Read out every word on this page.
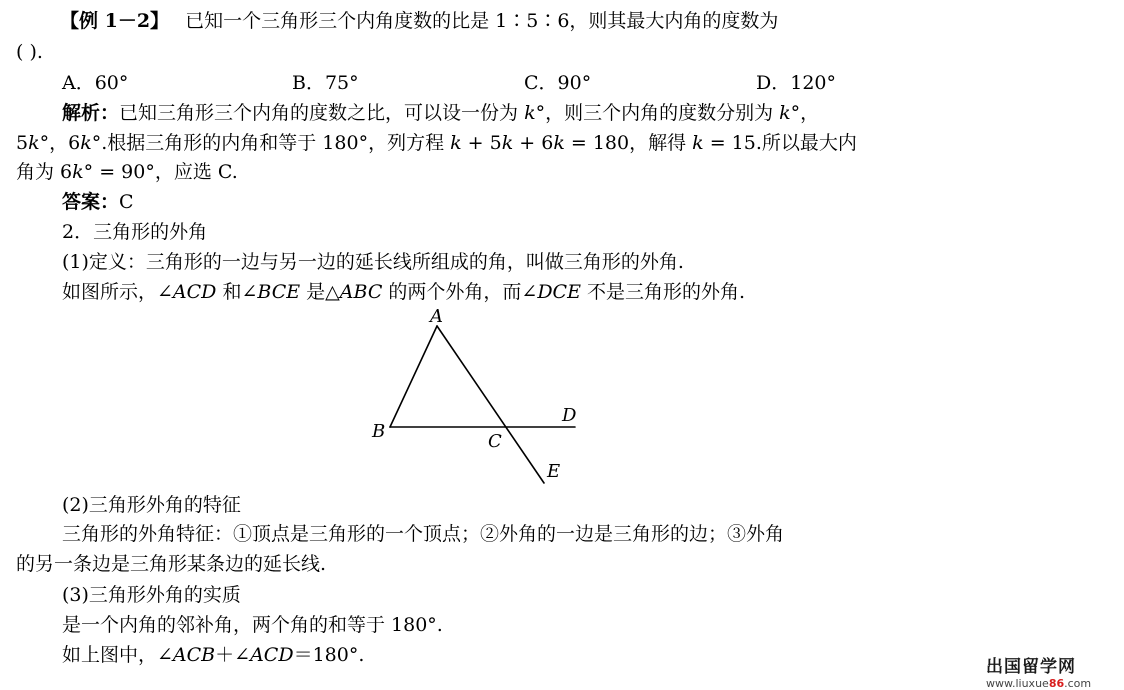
【例 1－2】 已知一个三角形三个内角度数的比是 1∶5∶6，则其最大内角的度数为
( ).
A．60°	B．75°	C．90°	D．120°
解析：已知三角形三个内角的度数之比，可以设一份为 k°，则三个内角的度数分别为 k°，
5k°，6k°.根据三角形的内角和等于 180°，列方程 k + 5k + 6k = 180，解得 k = 15.所以最大内
角为 6k° = 90°，应选 C.
答案：C
2．三角形的外角
(1)定义：三角形的一边与另一边的延长线所组成的角，叫做三角形的外角.
如图所示，∠ACD 和∠BCE 是△ABC 的两个外角，而∠DCE 不是三角形的外角.
A
B	C
D
E
(2)三角形外角的特征
三角形的外角特征：①顶点是三角形的一个顶点；②外角的一边是三角形的边；③外角
的另一条边是三角形某条边的延长线.
(3)三角形外角的实质
是一个内角的邻补角，两个角的和等于 180°.
如上图中，∠ACB＋∠ACD＝180°.
出国留学网
www.liuxue86.com
